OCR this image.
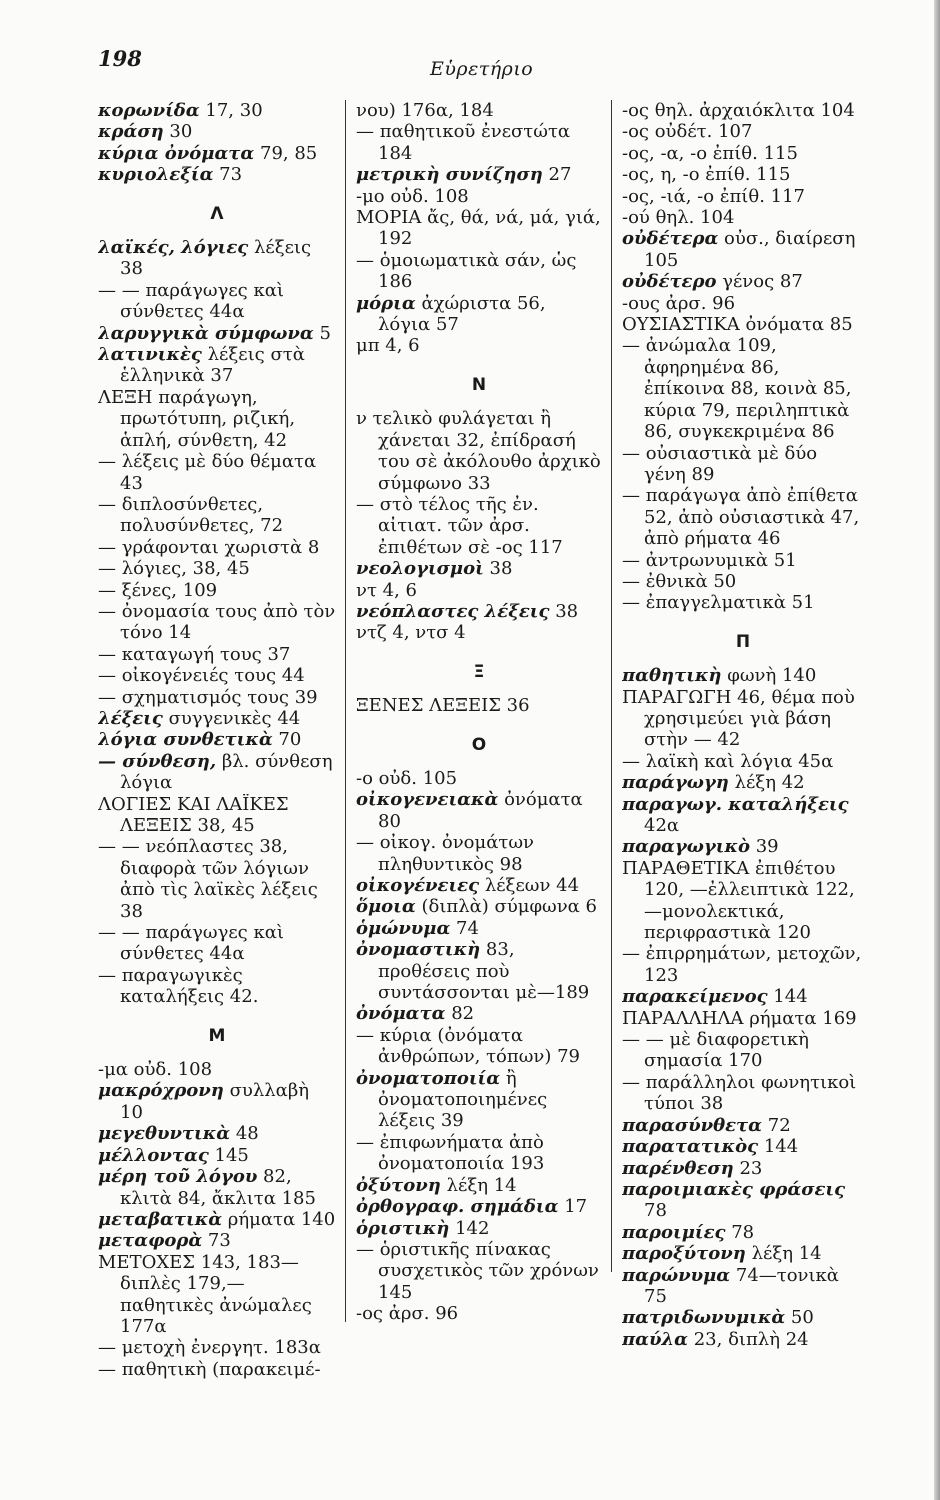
198	Εὑρετήριο
κορωνίδα 17, 30
κράση 30
κύρια ὀνόματα 79, 85
κυριολεξία 73
Λ
λαϊκές, λόγιες λέξεις 38
— — παράγωγες καὶ σύνθετες 44α
λαρυγγικὰ σύμφωνα 5
λατινικὲς λέξεις στὰ ἑλληνικὰ 37
ΛΕΞΗ παράγωγη, πρωτότυπη, ριζική, ἁπλή, σύνθετη, 42
— λέξεις μὲ δύο θέματα 43
— διπλοσύνθετες, πολυσύνθετες, 72
— γράφονται χωριστὰ 8
— λόγιες, 38, 45
— ξένες, 109
— ὀνομασία τους ἀπὸ τὸν τόνο 14
— καταγωγή τους 37
— οἰκογένειές τους 44
— σχηματισμός τους 39
λέξεις συγγενικὲς 44
λόγια συνθετικὰ 70
— σύνθεση, βλ. σύνθεση λόγια
ΛΟΓΙΕΣ ΚΑΙ ΛΑΪΚΕΣ ΛΕΞΕΙΣ 38, 45
— — νεόπλαστες 38, διαφορὰ τῶν λόγιων ἀπὸ τὶς λαϊκὲς λέξεις 38
— — παράγωγες καὶ σύνθετες 44α
— παραγωγικὲς καταλήξεις 42.
Μ
-μα οὐδ. 108
μακρόχρονη συλλαβὴ 10
μεγεθυντικὰ 48
μέλλοντας 145
μέρη τοῦ λόγου 82, κλιτὰ 84, ἄκλιτα 185
μεταβατικὰ ρήματα 140
μεταφορὰ 73
ΜΕΤΟΧΕΣ 143, 183—διπλὲς 179,—παθητικὲς ἀνώμαλες 177α
— μετοχὴ ἐνεργητ. 183α
— παθητικὴ (παρακειμέ-
νου) 176α, 184
— παθητικοῦ ἐνεστώτα 184
μετρικὴ συνίζηση 27
-μο οὐδ. 108
ΜΟΡΙΑ ἄς, θά, νά, μά, γιά, 192
— ὁμοιωματικὰ σάν, ὡς 186
μόρια ἀχώριστα 56, λόγια 57
μπ 4, 6
Ν
ν τελικὸ φυλάγεται ἢ χάνεται 32, ἐπίδρασή του σὲ ἀκόλουθο ἀρχικὸ σύμφωνο 33
— στὸ τέλος τῆς ἐν. αἰτιατ. τῶν ἀρσ. ἐπιθέτων σὲ -ος 117
νεολογισμοὶ 38
ντ 4, 6
νεόπλαστες λέξεις 38
ντζ 4, ντσ 4
Ξ
ΞΕΝΕΣ ΛΕΞΕΙΣ 36
Ο
-ο οὐδ. 105
οἰκογενειακὰ ὀνόματα 80
— οἰκογ. ὀνομάτων πληθυντικὸς 98
οἰκογένειες λέξεων 44
ὅμοια (διπλὰ) σύμφωνα 6
ὁμώνυμα 74
ὀνομαστικὴ 83, προθέσεις ποὺ συντάσσονται μὲ—189
ὀνόματα 82
— κύρια (ὀνόματα ἀνθρώπων, τόπων) 79
ὀνοματοποιία ἢ ὀνοματοποιημένες λέξεις 39
— ἐπιφωνήματα ἀπὸ ὀνοματοποιία 193
ὀξύτονη λέξη 14
ὀρθογραφ. σημάδια 17
ὁριστικὴ 142
— ὁριστικῆς πίνακας συσχετικὸς τῶν χρόνων 145
-ος ἀρσ. 96
-ος θηλ. ἀρχαιόκλιτα 104
-ος οὐδέτ. 107
-ος, -α, -ο ἐπίθ. 115
-ος, η, -ο ἐπίθ. 115
-ος, -ιά, -ο ἐπίθ. 117
-ού θηλ. 104
οὐδέτερα οὐσ., διαίρεση 105
οὐδέτερο γένος 87
-ους ἀρσ. 96
ΟΥΣΙΑΣΤΙΚΑ ὀνόματα 85
— ἀνώμαλα 109, ἀφηρημένα 86, ἐπίκοινα 88, κοινὰ 85, κύρια 79, περιληπτικὰ 86, συγκεκριμένα 86
— οὐσιαστικὰ μὲ δύο γένη 89
— παράγωγα ἀπὸ ἐπίθετα 52, ἀπὸ οὐσιαστικὰ 47, ἀπὸ ρήματα 46
— ἀντρωνυμικὰ 51
— ἐθνικὰ 50
— ἐπαγγελματικὰ 51
Π
παθητικὴ φωνὴ 140
ΠΑΡΑΓΩΓΗ 46, θέμα ποὺ χρησιμεύει γιὰ βάση στὴν — 42
— λαϊκὴ καὶ λόγια 45α
παράγωγη λέξη 42
παραγωγ. καταλήξεις 42α
παραγωγικὸ 39
ΠΑΡΑΘΕΤΙΚΑ ἐπιθέτου 120, —ἐλλειπτικὰ 122,—μονολεκτικά, περιφραστικὰ 120
— ἐπιρρημάτων, μετοχῶν, 123
παρακείμενος 144
ΠΑΡΑΛΛΗΛΑ ρήματα 169
— — μὲ διαφορετικὴ σημασία 170
— παράλληλοι φωνητικοὶ τύποι 38
παρασύνθετα 72
παρατατικὸς 144
παρένθεση 23
παροιμιακὲς φράσεις 78
παροιμίες 78
παροξύτονη λέξη 14
παρώνυμα 74—τονικὰ 75
πατριδωνυμικὰ 50
παύλα 23, διπλὴ 24
